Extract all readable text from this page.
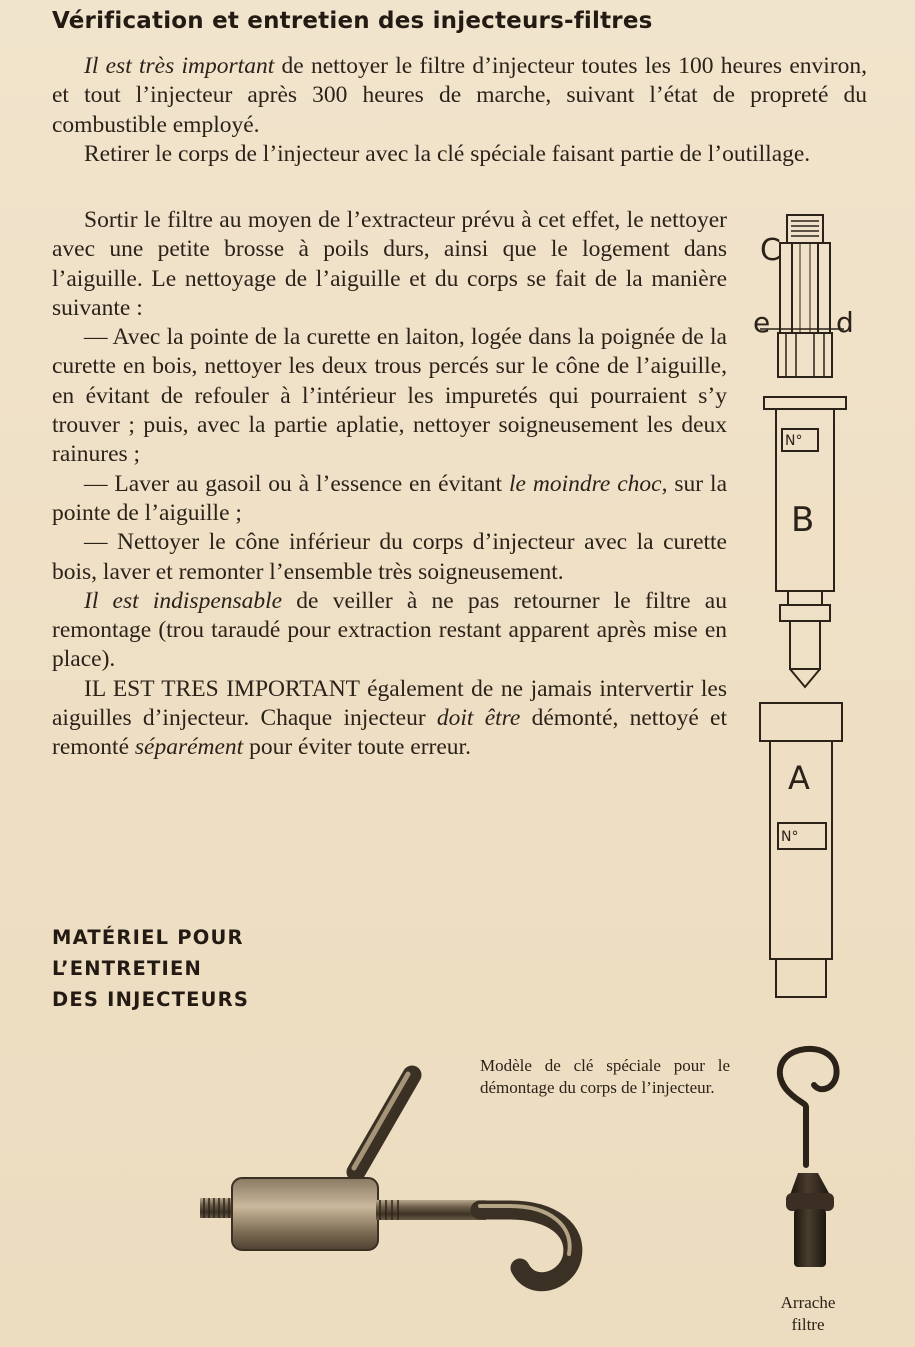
Vérification et entretien des injecteurs-filtres

Il est très important de nettoyer le filtre d’injecteur toutes les 100 heures environ, et tout l’injecteur après 300 heures de marche, suivant l’état de propreté du combustible employé.

Retirer le corps de l’injecteur avec la clé spéciale faisant partie de l’outillage.

Sortir le filtre au moyen de l’extracteur prévu à cet effet, le nettoyer avec une petite brosse à poils durs, ainsi que le logement dans l’aiguille. Le nettoyage de l’aiguille et du corps se fait de la manière suivante :

— Avec la pointe de la curette en laiton, logée dans la poignée de la curette en bois, nettoyer les deux trous percés sur le cône de l’aiguille, en évitant de refouler à l’intérieur les impuretés qui pourraient s’y trouver ; puis, avec la partie aplatie, nettoyer soigneusement les deux rainures ;

— Laver au gasoil ou à l’essence en évitant le moindre choc, sur la pointe de l’aiguille ;

— Nettoyer le cône inférieur du corps d’injecteur avec la curette bois, laver et remonter l’ensemble très soigneusement.

Il est indispensable de veiller à ne pas retourner le filtre au remontage (trou taraudé pour extraction restant apparent après mise en place).

IL EST TRES IMPORTANT également de ne jamais intervertir les aiguilles d’injecteur. Chaque injecteur doit être démonté, nettoyé et remonté séparément pour éviter toute erreur.

C
e d
N°
B
A
N°
MATÉRIEL POUR
L’ENTRETIEN
DES INJECTEURS
Modèle de clé spéciale pour le démontage du corps de l’injecteur.
Arrache
filtre
